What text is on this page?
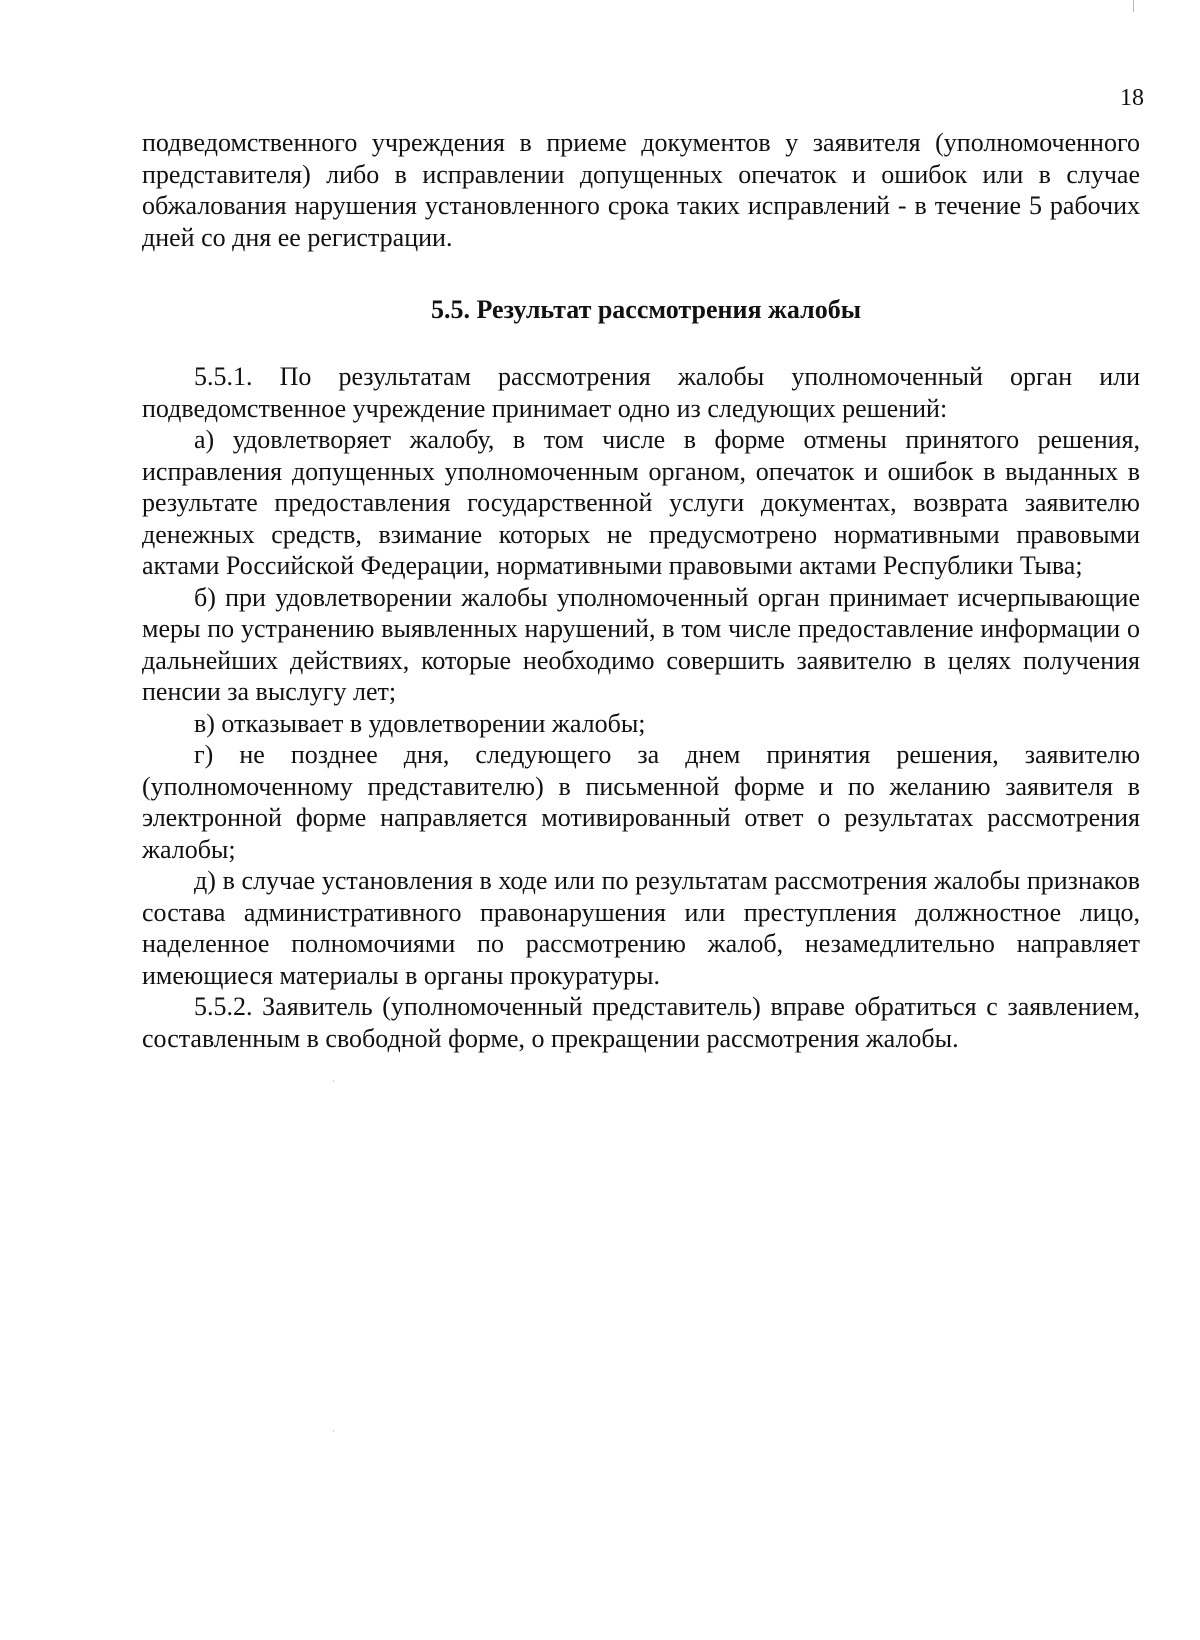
18

подведомственного учреждения в приеме документов у заявителя (уполномоченного представителя) либо в исправлении допущенных опечаток и ошибок или в случае обжалования нарушения установленного срока таких исправлений - в течение 5 рабочих дней со дня ее регистрации.

5.5. Результат рассмотрения жалобы

5.5.1. По результатам рассмотрения жалобы уполномоченный орган или подведомственное учреждение принимает одно из следующих решений:

а) удовлетворяет жалобу, в том числе в форме отмены принятого решения, исправления допущенных уполномоченным органом, опечаток и ошибок в выданных в результате предоставления государственной услуги документах, возврата заявителю денежных средств, взимание которых не предусмотрено нормативными правовыми актами Российской Федерации, нормативными правовыми актами Республики Тыва;

б) при удовлетворении жалобы уполномоченный орган принимает исчерпывающие меры по устранению выявленных нарушений, в том числе предоставление информации о дальнейших действиях, которые необходимо совершить заявителю в целях получения пенсии за выслугу лет;

в) отказывает в удовлетворении жалобы;

г) не позднее дня, следующего за днем принятия решения, заявителю (уполномоченному представителю) в письменной форме и по желанию заявителя в электронной форме направляется мотивированный ответ о результатах рассмотрения жалобы;

д) в случае установления в ходе или по результатам рассмотрения жалобы признаков состава административного правонарушения или преступления должностное лицо, наделенное полномочиями по рассмотрению жалоб, незамедлительно направляет имеющиеся материалы в органы прокуратуры.

5.5.2. Заявитель (уполномоченный представитель) вправе обратиться с заявлением, составленным в свободной форме, о прекращении рассмотрения жалобы.
